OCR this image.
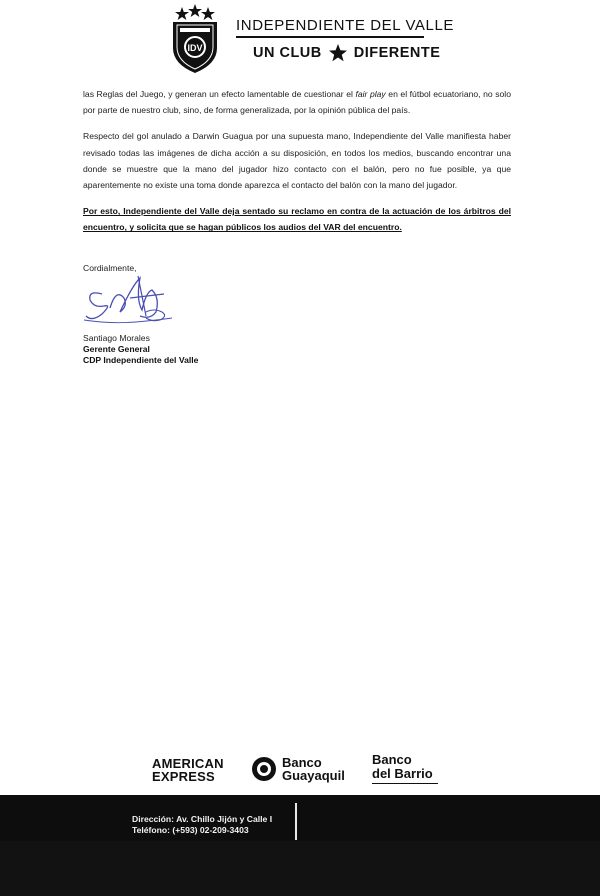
IDV
INDEPENDIENTE DEL VALLE
UN CLUB DIFERENTE

las Reglas del Juego, y generan un efecto lamentable de cuestionar el fair play en el fútbol ecuatoriano, no solo por parte de nuestro club, sino, de forma generalizada, por la opinión pública del país.

Respecto del gol anulado a Darwin Guagua por una supuesta mano, Independiente del Valle manifiesta haber revisado todas las imágenes de dicha acción a su disposición, en todos los medios, buscando encontrar una donde se muestre que la mano del jugador hizo contacto con el balón, pero no fue posible, ya que aparentemente no existe una toma donde aparezca el contacto del balón con la mano del jugador.

Por esto, Independiente del Valle deja sentado su reclamo en contra de la actuación de los árbitros del encuentro, y solicita que se hagan públicos los audios del VAR del encuentro.

Cordialmente,
Santiago Morales
Gerente General
CDP Independiente del Valle
AMERICAN
EXPRESS
Banco
Guayaquil
Banco
del Barrio
Dirección: Av. Chillo Jijón y Calle I
Teléfono: (+593) 02-209-3403
